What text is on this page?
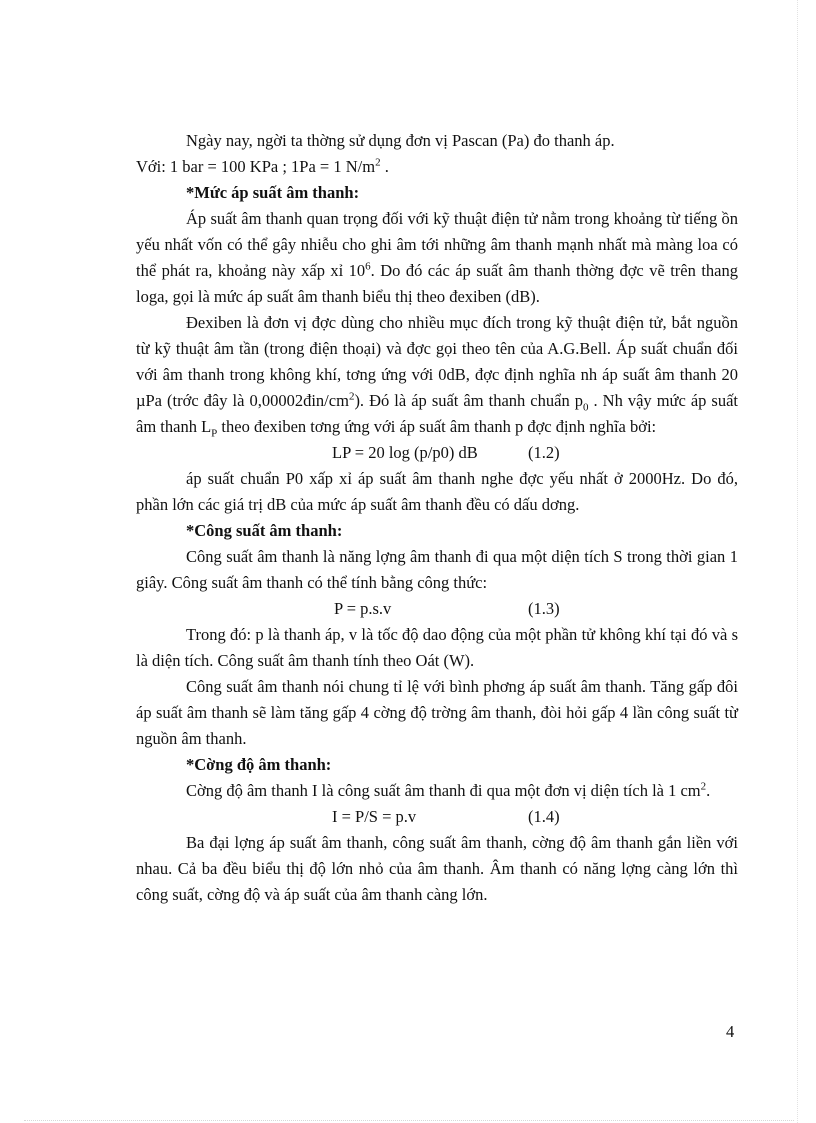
Ngày nay, ngời ta thờng sử dụng đơn vị Pascan (Pa) đo thanh áp.
Với: 1 bar = 100 KPa ; 1Pa = 1 $N/m^2$ .

*Mức áp suất âm thanh:

Áp suất âm thanh quan trọng đối với kỹ thuật điện tử nằm trong khoảng từ tiếng ồn yếu nhất vốn có thể gây nhiễu cho ghi âm tới những âm thanh mạnh nhất mà màng loa có thể phát ra, khoảng này xấp xỉ $10^6$. Do đó các áp suất âm thanh thờng đợc vẽ trên thang loga, gọi là mức áp suất âm thanh biểu thị theo đexiben (dB).

Đexiben là đơn vị đợc dùng cho nhiều mục đích trong kỹ thuật điện tử, bắt nguồn từ kỹ thuật âm tần (trong điện thoại) và đợc gọi theo tên của A.G.Bell. Áp suất chuẩn đối với âm thanh trong không khí, tơng ứng với 0dB, đợc định nghĩa nh áp suất âm thanh 20 µPa (trớc đây là $0,00002đin/cm^2$). Đó là áp suất âm thanh chuẩn $p_0$ . Nh vậy mức áp suất âm thanh $L_P$ theo đexiben tơng ứng với áp suất âm thanh p đợc định nghĩa bởi:

LP = 20 log (p/p0) dB	(1.2)

áp suất chuẩn P0 xấp xỉ áp suất âm thanh nghe đợc yếu nhất ở 2000Hz. Do đó, phần lớn các giá trị dB của mức áp suất âm thanh đều có dấu dơng.

*Công suất âm thanh:

Công suất âm thanh là năng lợng âm thanh đi qua một diện tích S trong thời gian 1 giây. Công suất âm thanh có thể tính bằng công thức:

P = p.s.v	(1.3)

Trong đó: p là thanh áp, v là tốc độ dao động của một phần tử không khí tại đó và s là diện tích. Công suất âm thanh tính theo Oát (W).

Công suất âm thanh nói chung tỉ lệ với bình phơng áp suất âm thanh. Tăng gấp đôi áp suất âm thanh sẽ làm tăng gấp 4 cờng độ trờng âm thanh, đòi hỏi gấp 4 lần công suất từ nguồn âm thanh.

*Cờng độ âm thanh:

Cờng độ âm thanh I là công suất âm thanh đi qua một đơn vị diện tích là 1 $cm^2$.

I = P/S = p.v	(1.4)

Ba đại lợng áp suất âm thanh, công suất âm thanh, cờng độ âm thanh gắn liền với nhau. Cả ba đều biểu thị độ lớn nhỏ của âm thanh. Âm thanh có năng lợng càng lớn thì công suất, cờng độ và áp suất của âm thanh càng lớn.

4
